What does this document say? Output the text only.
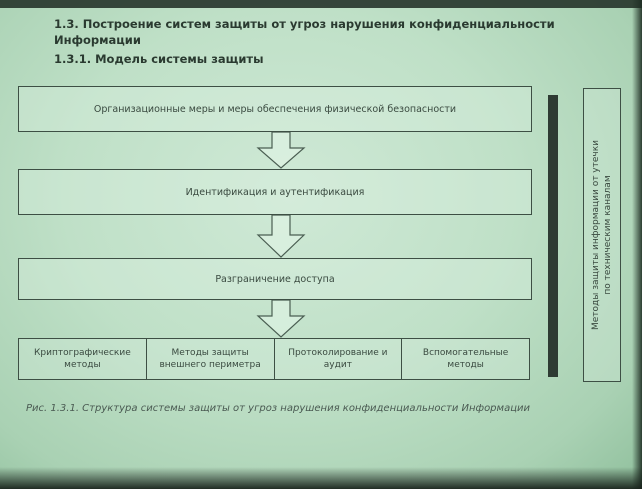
1.3. Построение систем защиты от угроз нарушения конфиденциальности
Информации
1.3.1. Модель системы защиты
Организационные меры и меры обеспечения физической безопасности
Идентификация и аутентификация
Разграничение доступа
Криптографические методы
Методы защиты внешнего периметра
Протоколирование и аудит
Вспомогательные методы
Методы защиты информации от утечки по техническим каналам
Рис. 1.3.1. Структура системы защиты от угроз нарушения конфиденциальности Информации
